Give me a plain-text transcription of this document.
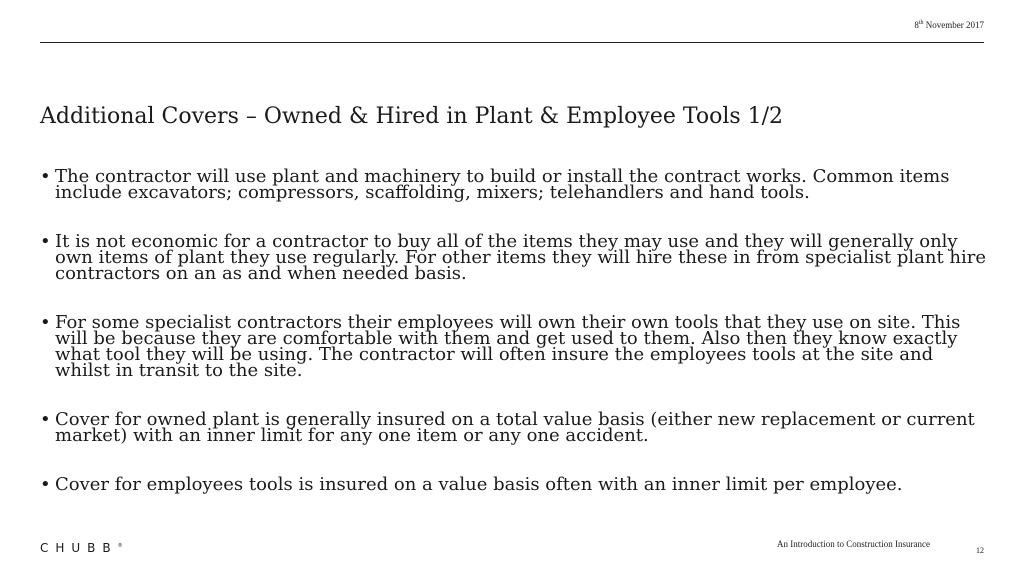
8th November 2017
Additional Covers – Owned & Hired in Plant & Employee Tools 1/2
• The contractor will use plant and machinery to build or install the contract works. Common items include excavators; compressors, scaffolding, mixers; telehandlers and hand tools.
• It is not economic for a contractor to buy all of the items they may use and they will generally only own items of plant they use regularly. For other items they will hire these in from specialist plant hire contractors on an as and when needed basis.
• For some specialist contractors their employees will own their own tools that they use on site. This will be because they are comfortable with them and get used to them. Also then they know exactly what tool they will be using. The contractor will often insure the employees tools at the site and whilst in transit to the site.
• Cover for owned plant is generally insured on a total value basis (either new replacement or current market) with an inner limit for any one item or any one accident.
• Cover for employees tools is insured on a value basis often with an inner limit per employee.
CHUBB®	An Introduction to Construction Insurance
12
